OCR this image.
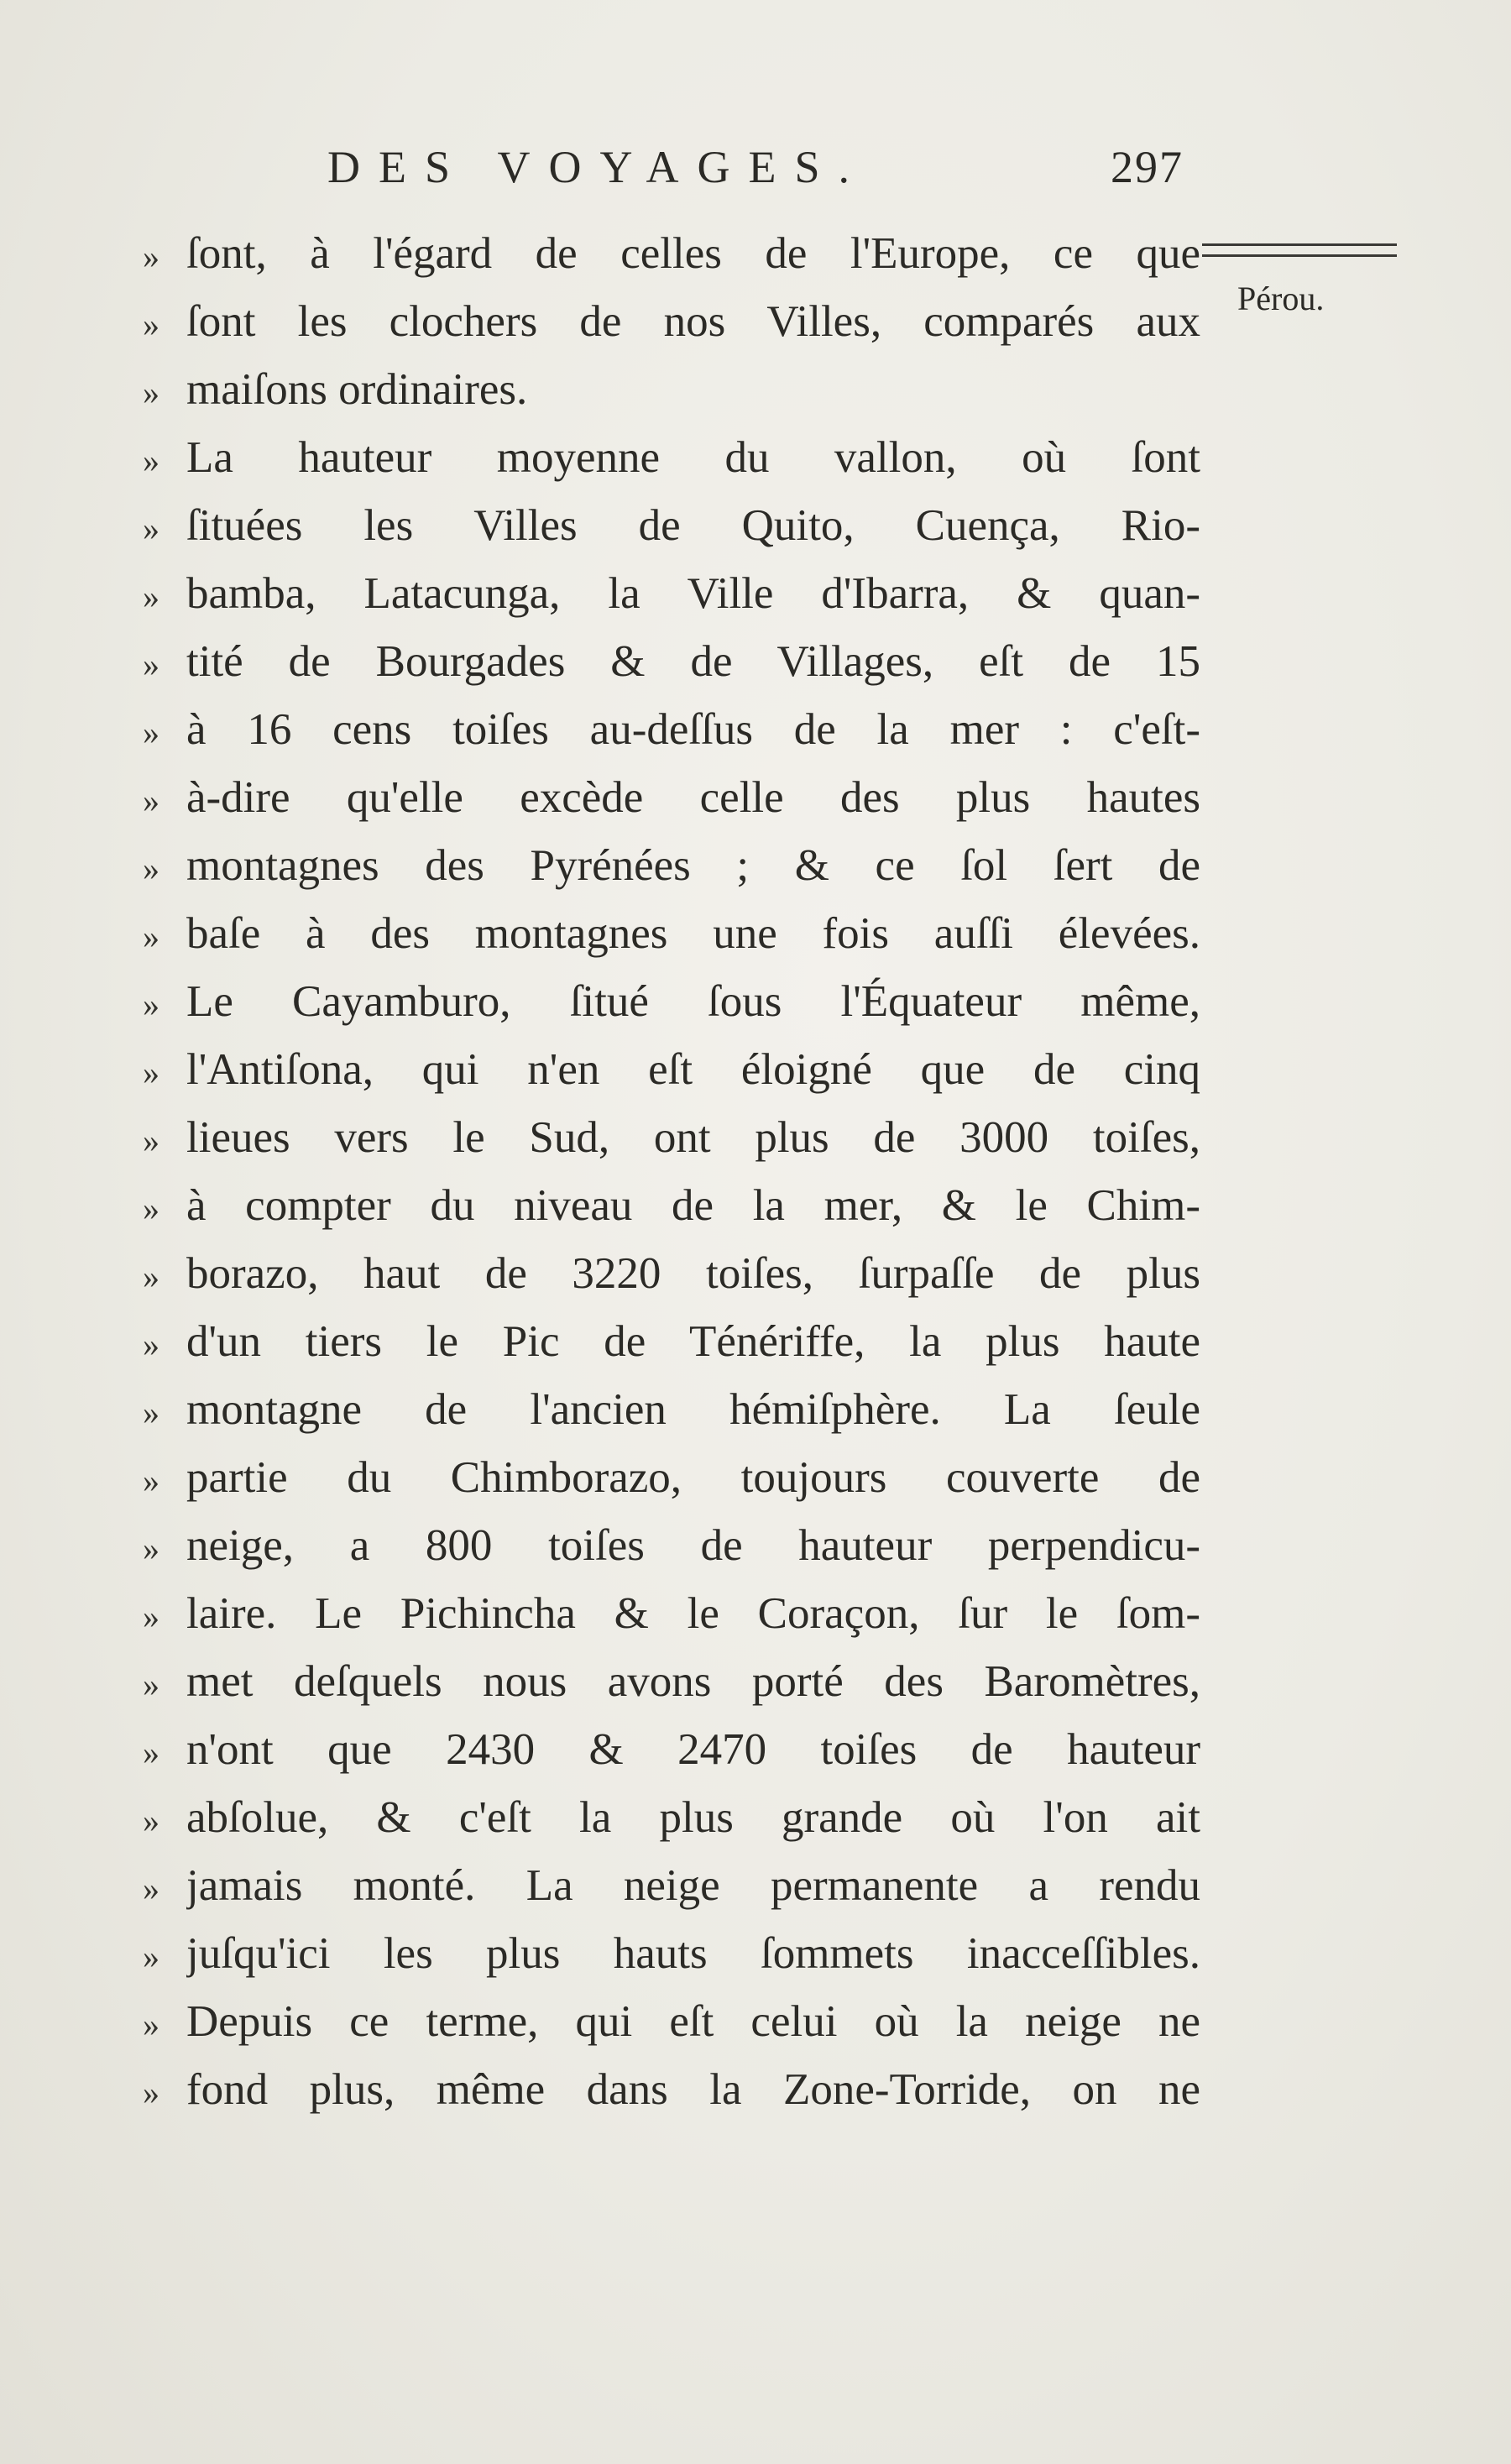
DES VOYAGES.	297
Pérou.
» ſont, à l'égard de celles de l'Europe, ce que
» ſont les clochers de nos Villes, comparés aux
» maiſons ordinaires.
» La hauteur moyenne du vallon, où ſont
» ſituées les Villes de Quito, Cuença, Rio-
» bamba, Latacunga, la Ville d'Ibarra, & quan-
» tité de Bourgades & de Villages, eſt de 15
» à 16 cens toiſes au-deſſus de la mer : c'eſt-
» à-dire qu'elle excède celle des plus hautes
» montagnes des Pyrénées ; & ce ſol ſert de
» baſe à des montagnes une fois auſſi élevées.
» Le Cayamburo, ſitué ſous l'Équateur même,
» l'Antiſona, qui n'en eſt éloigné que de cinq
» lieues vers le Sud, ont plus de 3000 toiſes,
» à compter du niveau de la mer, & le Chim-
» borazo, haut de 3220 toiſes, ſurpaſſe de plus
» d'un tiers le Pic de Ténériffe, la plus haute
» montagne de l'ancien hémiſphère. La ſeule
» partie du Chimborazo, toujours couverte de
» neige, a 800 toiſes de hauteur perpendicu-
» laire. Le Pichincha & le Coraçon, ſur le ſom-
» met deſquels nous avons porté des Baromètres,
» n'ont que 2430 & 2470 toiſes de hauteur
» abſolue, & c'eſt la plus grande où l'on ait
» jamais monté. La neige permanente a rendu
» juſqu'ici les plus hauts ſommets inacceſſibles.
» Depuis ce terme, qui eſt celui où la neige ne
» fond plus, même dans la Zone-Torride, on ne
